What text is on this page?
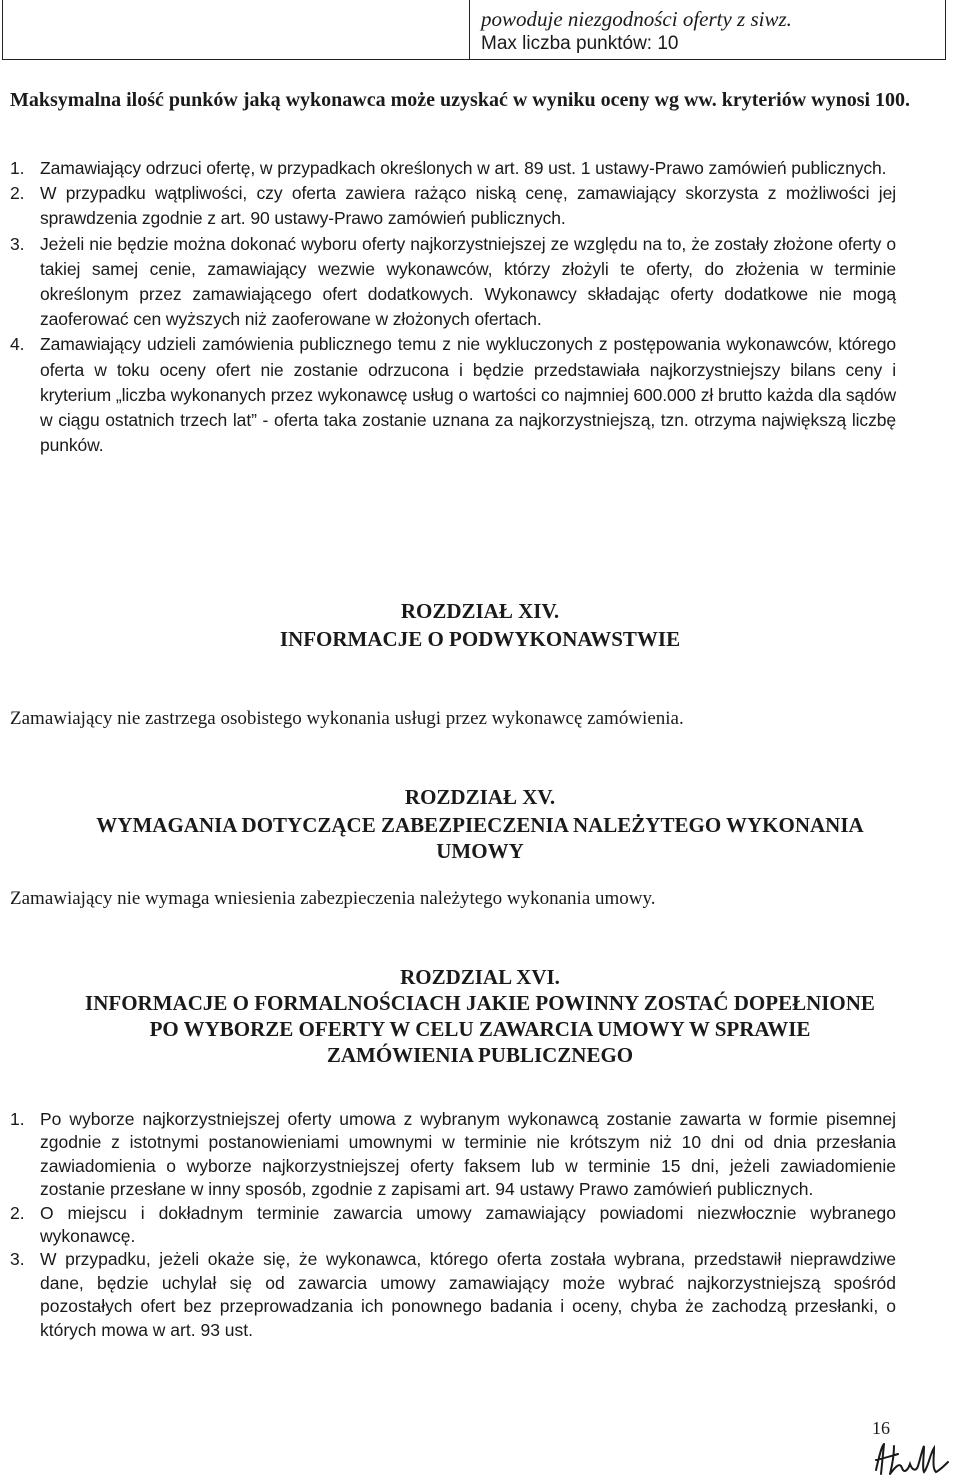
powoduje niezgodności oferty z siwz.
Max liczba punktów: 10
Maksymalna ilość punków jaką wykonawca może uzyskać w wyniku oceny wg ww. kryteriów wynosi 100.
1. Zamawiający odrzuci ofertę, w przypadkach określonych w art. 89 ust. 1 ustawy-Prawo zamówień publicznych.
2. W przypadku wątpliwości, czy oferta zawiera rażąco niską cenę, zamawiający skorzysta z możliwości jej sprawdzenia zgodnie z art. 90 ustawy-Prawo zamówień publicznych.
3. Jeżeli nie będzie można dokonać wyboru oferty najkorzystniejszej ze względu na to, że zostały złożone oferty o takiej samej cenie, zamawiający wezwie wykonawców, którzy złożyli te oferty, do złożenia w terminie określonym przez zamawiającego ofert dodatkowych. Wykonawcy składając oferty dodatkowe nie mogą zaoferować cen wyższych niż zaoferowane w złożonych ofertach.
4. Zamawiający udzieli zamówienia publicznego temu z nie wykluczonych z postępowania wykonawców, którego oferta w toku oceny ofert nie zostanie odrzucona i będzie przedstawiała najkorzystniejszy bilans ceny i kryterium „liczba wykonanych przez wykonawcę usług o wartości co najmniej 600.000 zł brutto każda dla sądów w ciągu ostatnich trzech lat” - oferta taka zostanie uznana za najkorzystniejszą, tzn. otrzyma największą liczbę punków.
ROZDZIAŁ XIV.
INFORMACJE O PODWYKONAWSTWIE
Zamawiający nie zastrzega osobistego wykonania usługi przez wykonawcę zamówienia.
ROZDZIAŁ XV.
WYMAGANIA DOTYCZĄCE ZABEZPIECZENIA NALEŻYTEGO WYKONANIA
UMOWY
Zamawiający nie wymaga wniesienia zabezpieczenia należytego wykonania umowy.
ROZDZIAL XVI.
INFORMACJE O FORMALNOŚCIACH JAKIE POWINNY ZOSTAĆ DOPEŁNIONE
PO WYBORZE OFERTY W CELU ZAWARCIA UMOWY W SPRAWIE
ZAMÓWIENIA PUBLICZNEGO
1. Po wyborze najkorzystniejszej oferty umowa z wybranym wykonawcą zostanie zawarta w formie pisemnej zgodnie z istotnymi postanowieniami umownymi w terminie nie krótszym niż 10 dni od dnia przesłania zawiadomienia o wyborze najkorzystniejszej oferty faksem lub w terminie 15 dni, jeżeli zawiadomienie zostanie przesłane w inny sposób, zgodnie z zapisami art. 94 ustawy Prawo zamówień publicznych.
2. O miejscu i dokładnym terminie zawarcia umowy zamawiający powiadomi niezwłocznie wybranego wykonawcę.
3. W przypadku, jeżeli okaże się, że wykonawca, którego oferta została wybrana, przedstawił nieprawdziwe dane, będzie uchylał się od zawarcia umowy zamawiający może wybrać najkorzystniejszą spośród pozostałych ofert bez przeprowadzania ich ponownego badania i oceny, chyba że zachodzą przesłanki, o których mowa w art. 93 ust.
16
